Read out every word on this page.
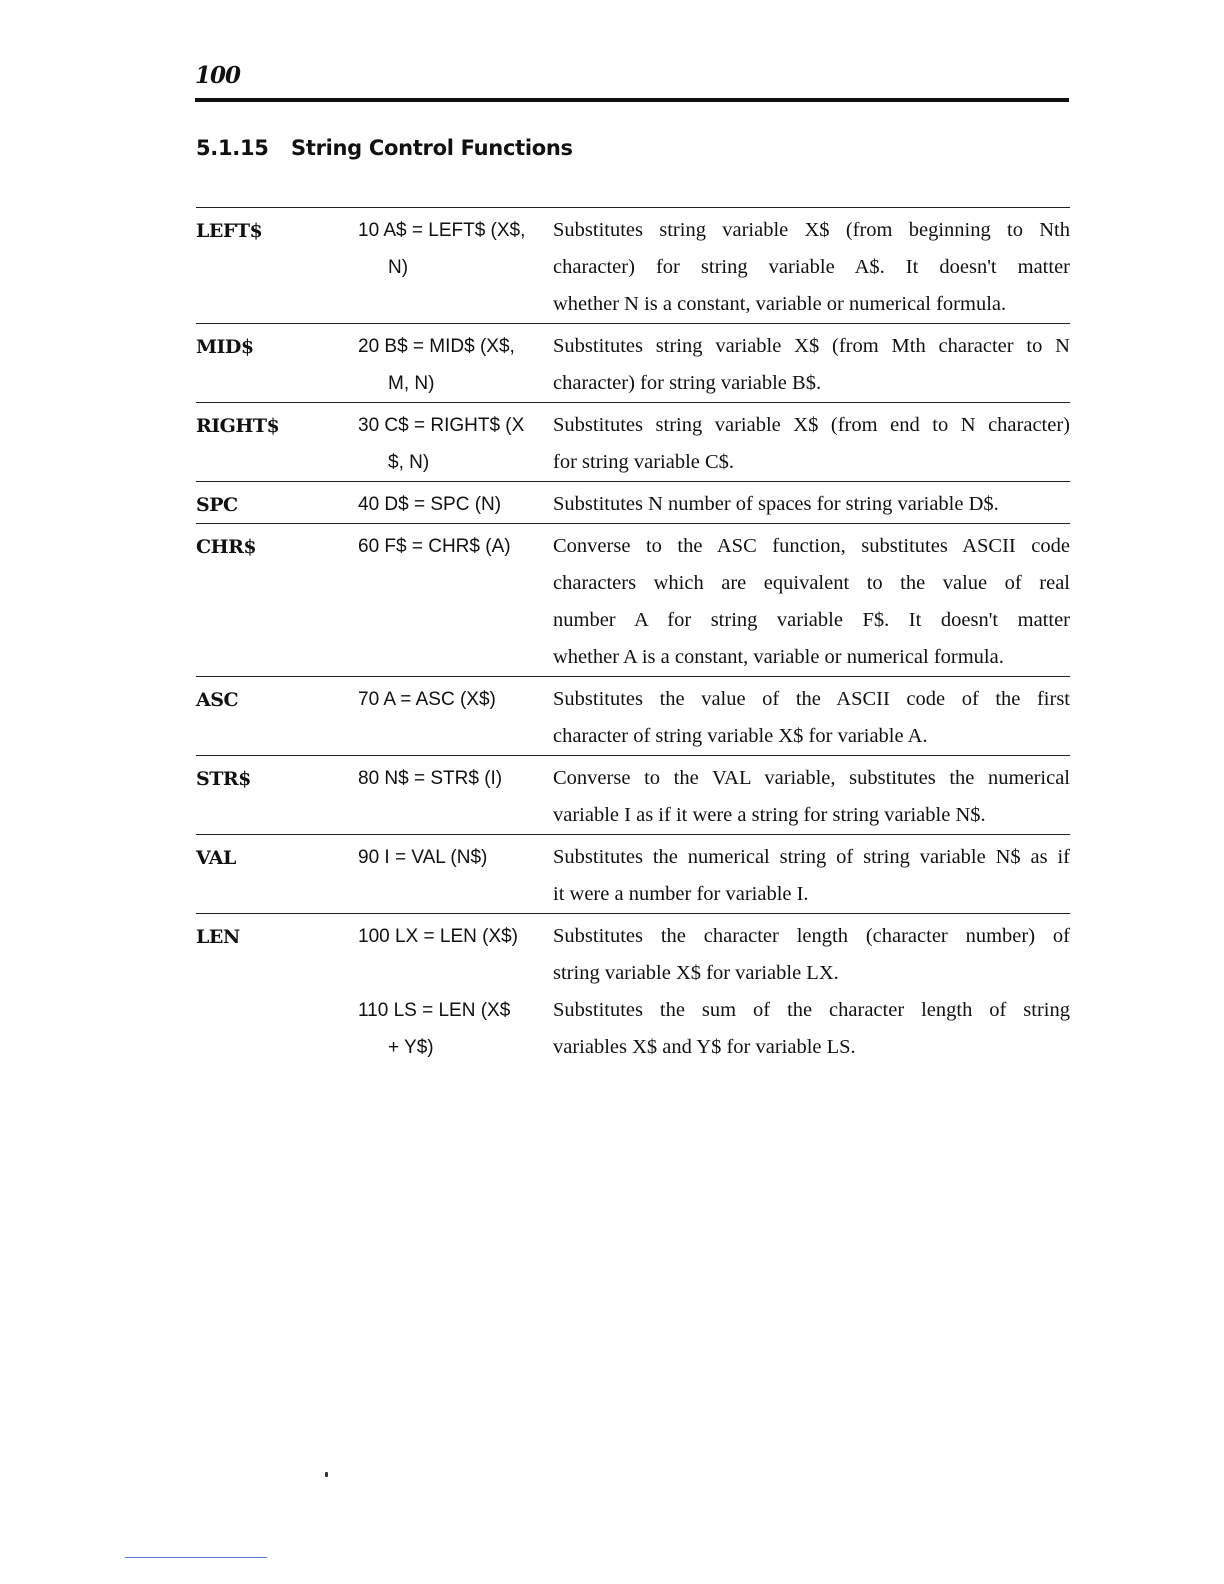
100
5.1.15 String Control Functions
LEFT$	10 A$ = LEFT$ (X$,	Substitutes string variable X$ (from beginning to Nth
N)	character) for string variable A$. It doesn't matter
whether N is a constant, variable or numerical formula.
MID$	20 B$ = MID$ (X$,	Substitutes string variable X$ (from Mth character to N
M, N)	character) for string variable B$.
RIGHT$	30 C$ = RIGHT$ (X	Substitutes string variable X$ (from end to N character)
$, N)	for string variable C$.
SPC	40 D$ = SPC (N)	Substitutes N number of spaces for string variable D$.
CHR$	60 F$ = CHR$ (A)	Converse to the ASC function, substitutes ASCII code
characters which are equivalent to the value of real
number A for string variable F$. It doesn't matter
whether A is a constant, variable or numerical formula.
ASC	70 A = ASC (X$)	Substitutes the value of the ASCII code of the first
character of string variable X$ for variable A.
STR$	80 N$ = STR$ (I)	Converse to the VAL variable, substitutes the numerical
variable I as if it were a string for string variable N$.
VAL	90 I = VAL (N$)	Substitutes the numerical string of string variable N$ as if
it were a number for variable I.
LEN	100 LX = LEN (X$)	Substitutes the character length (character number) of
string variable X$ for variable LX.
110 LS = LEN (X$	Substitutes the sum of the character length of string
+ Y$)	variables X$ and Y$ for variable LS.
